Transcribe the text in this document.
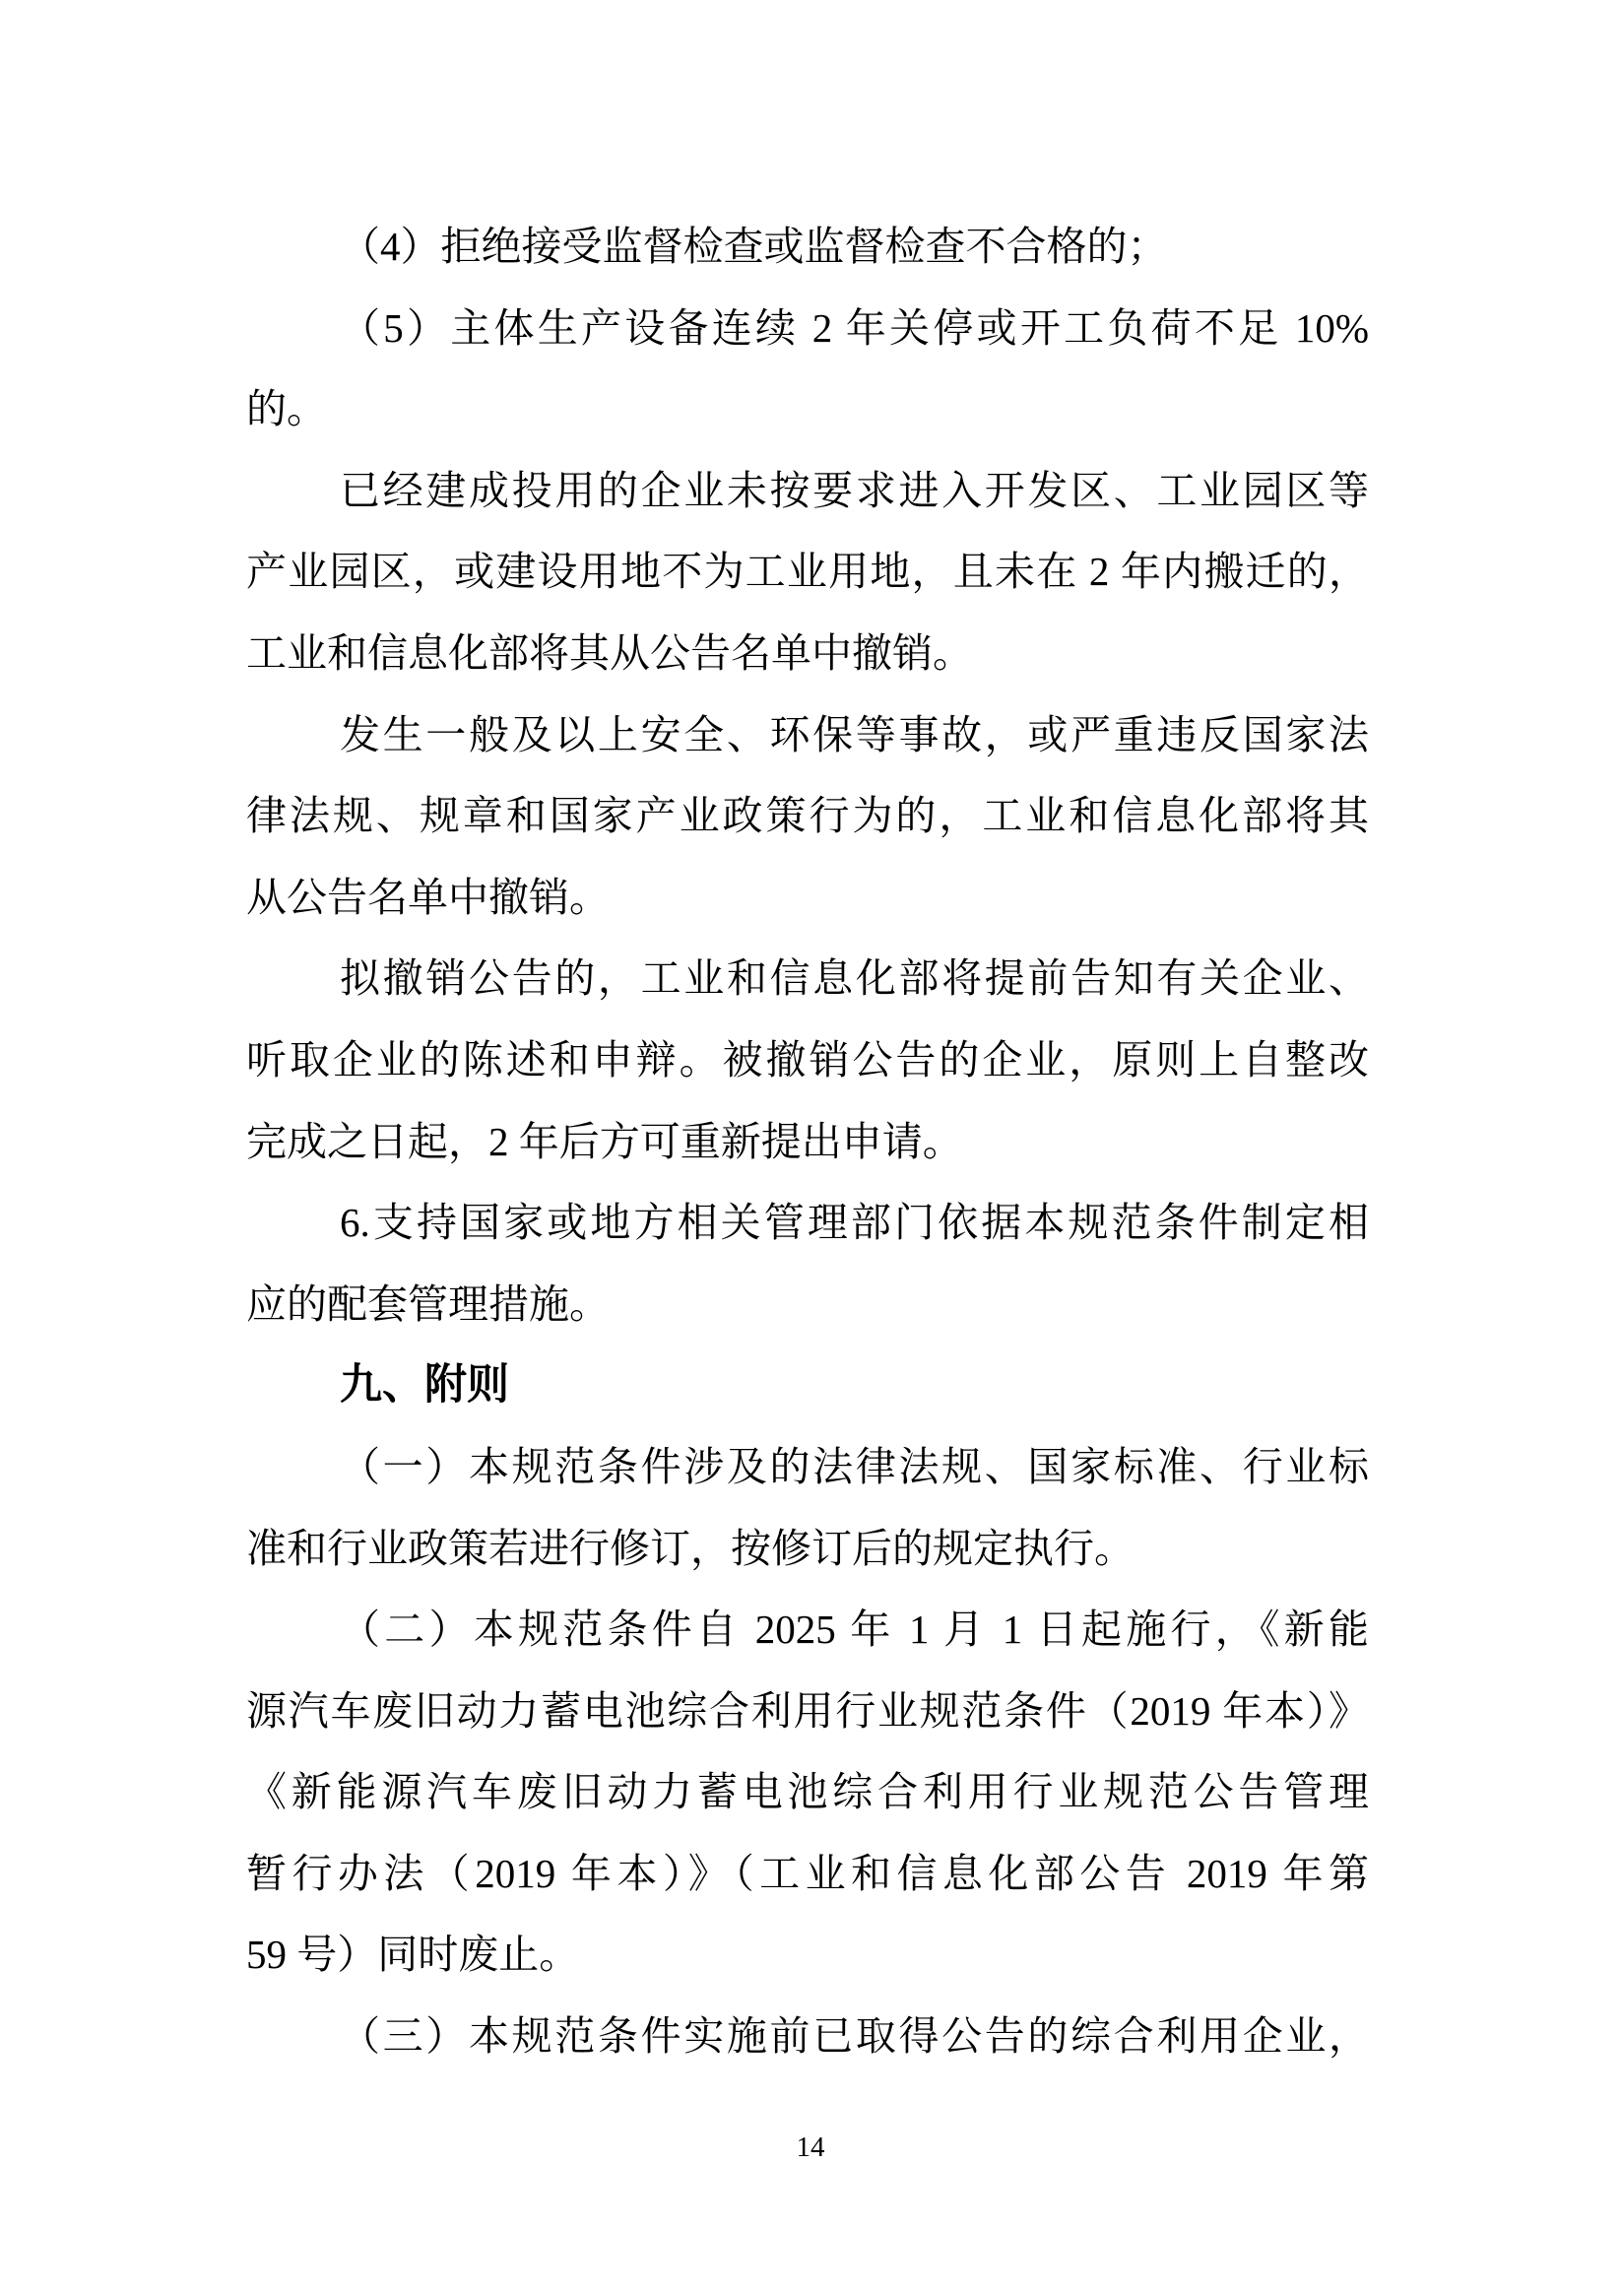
（4）拒绝接受监督检查或监督检查不合格的；
（5）主体生产设备连续 2 年关停或开工负荷不足 10%
的。
已经建成投用的企业未按要求进入开发区、工业园区等
产业园区，或建设用地不为工业用地，且未在 2 年内搬迁的，
工业和信息化部将其从公告名单中撤销。
发生一般及以上安全、环保等事故，或严重违反国家法
律法规、规章和国家产业政策行为的，工业和信息化部将其
从公告名单中撤销。
拟撤销公告的，工业和信息化部将提前告知有关企业、
听取企业的陈述和申辩。被撤销公告的企业，原则上自整改
完成之日起，2 年后方可重新提出申请。
6.支持国家或地方相关管理部门依据本规范条件制定相
应的配套管理措施。
九、附则
（一）本规范条件涉及的法律法规、国家标准、行业标
准和行业政策若进行修订，按修订后的规定执行。
（二）本规范条件自 2025 年 1 月 1 日起施行，《新能
源汽车废旧动力蓄电池综合利用行业规范条件（2019 年本）》
《新能源汽车废旧动力蓄电池综合利用行业规范公告管理
暂行办法（2019 年本）》（工业和信息化部公告 2019 年第
59 号）同时废止。
（三）本规范条件实施前已取得公告的综合利用企业，
14
